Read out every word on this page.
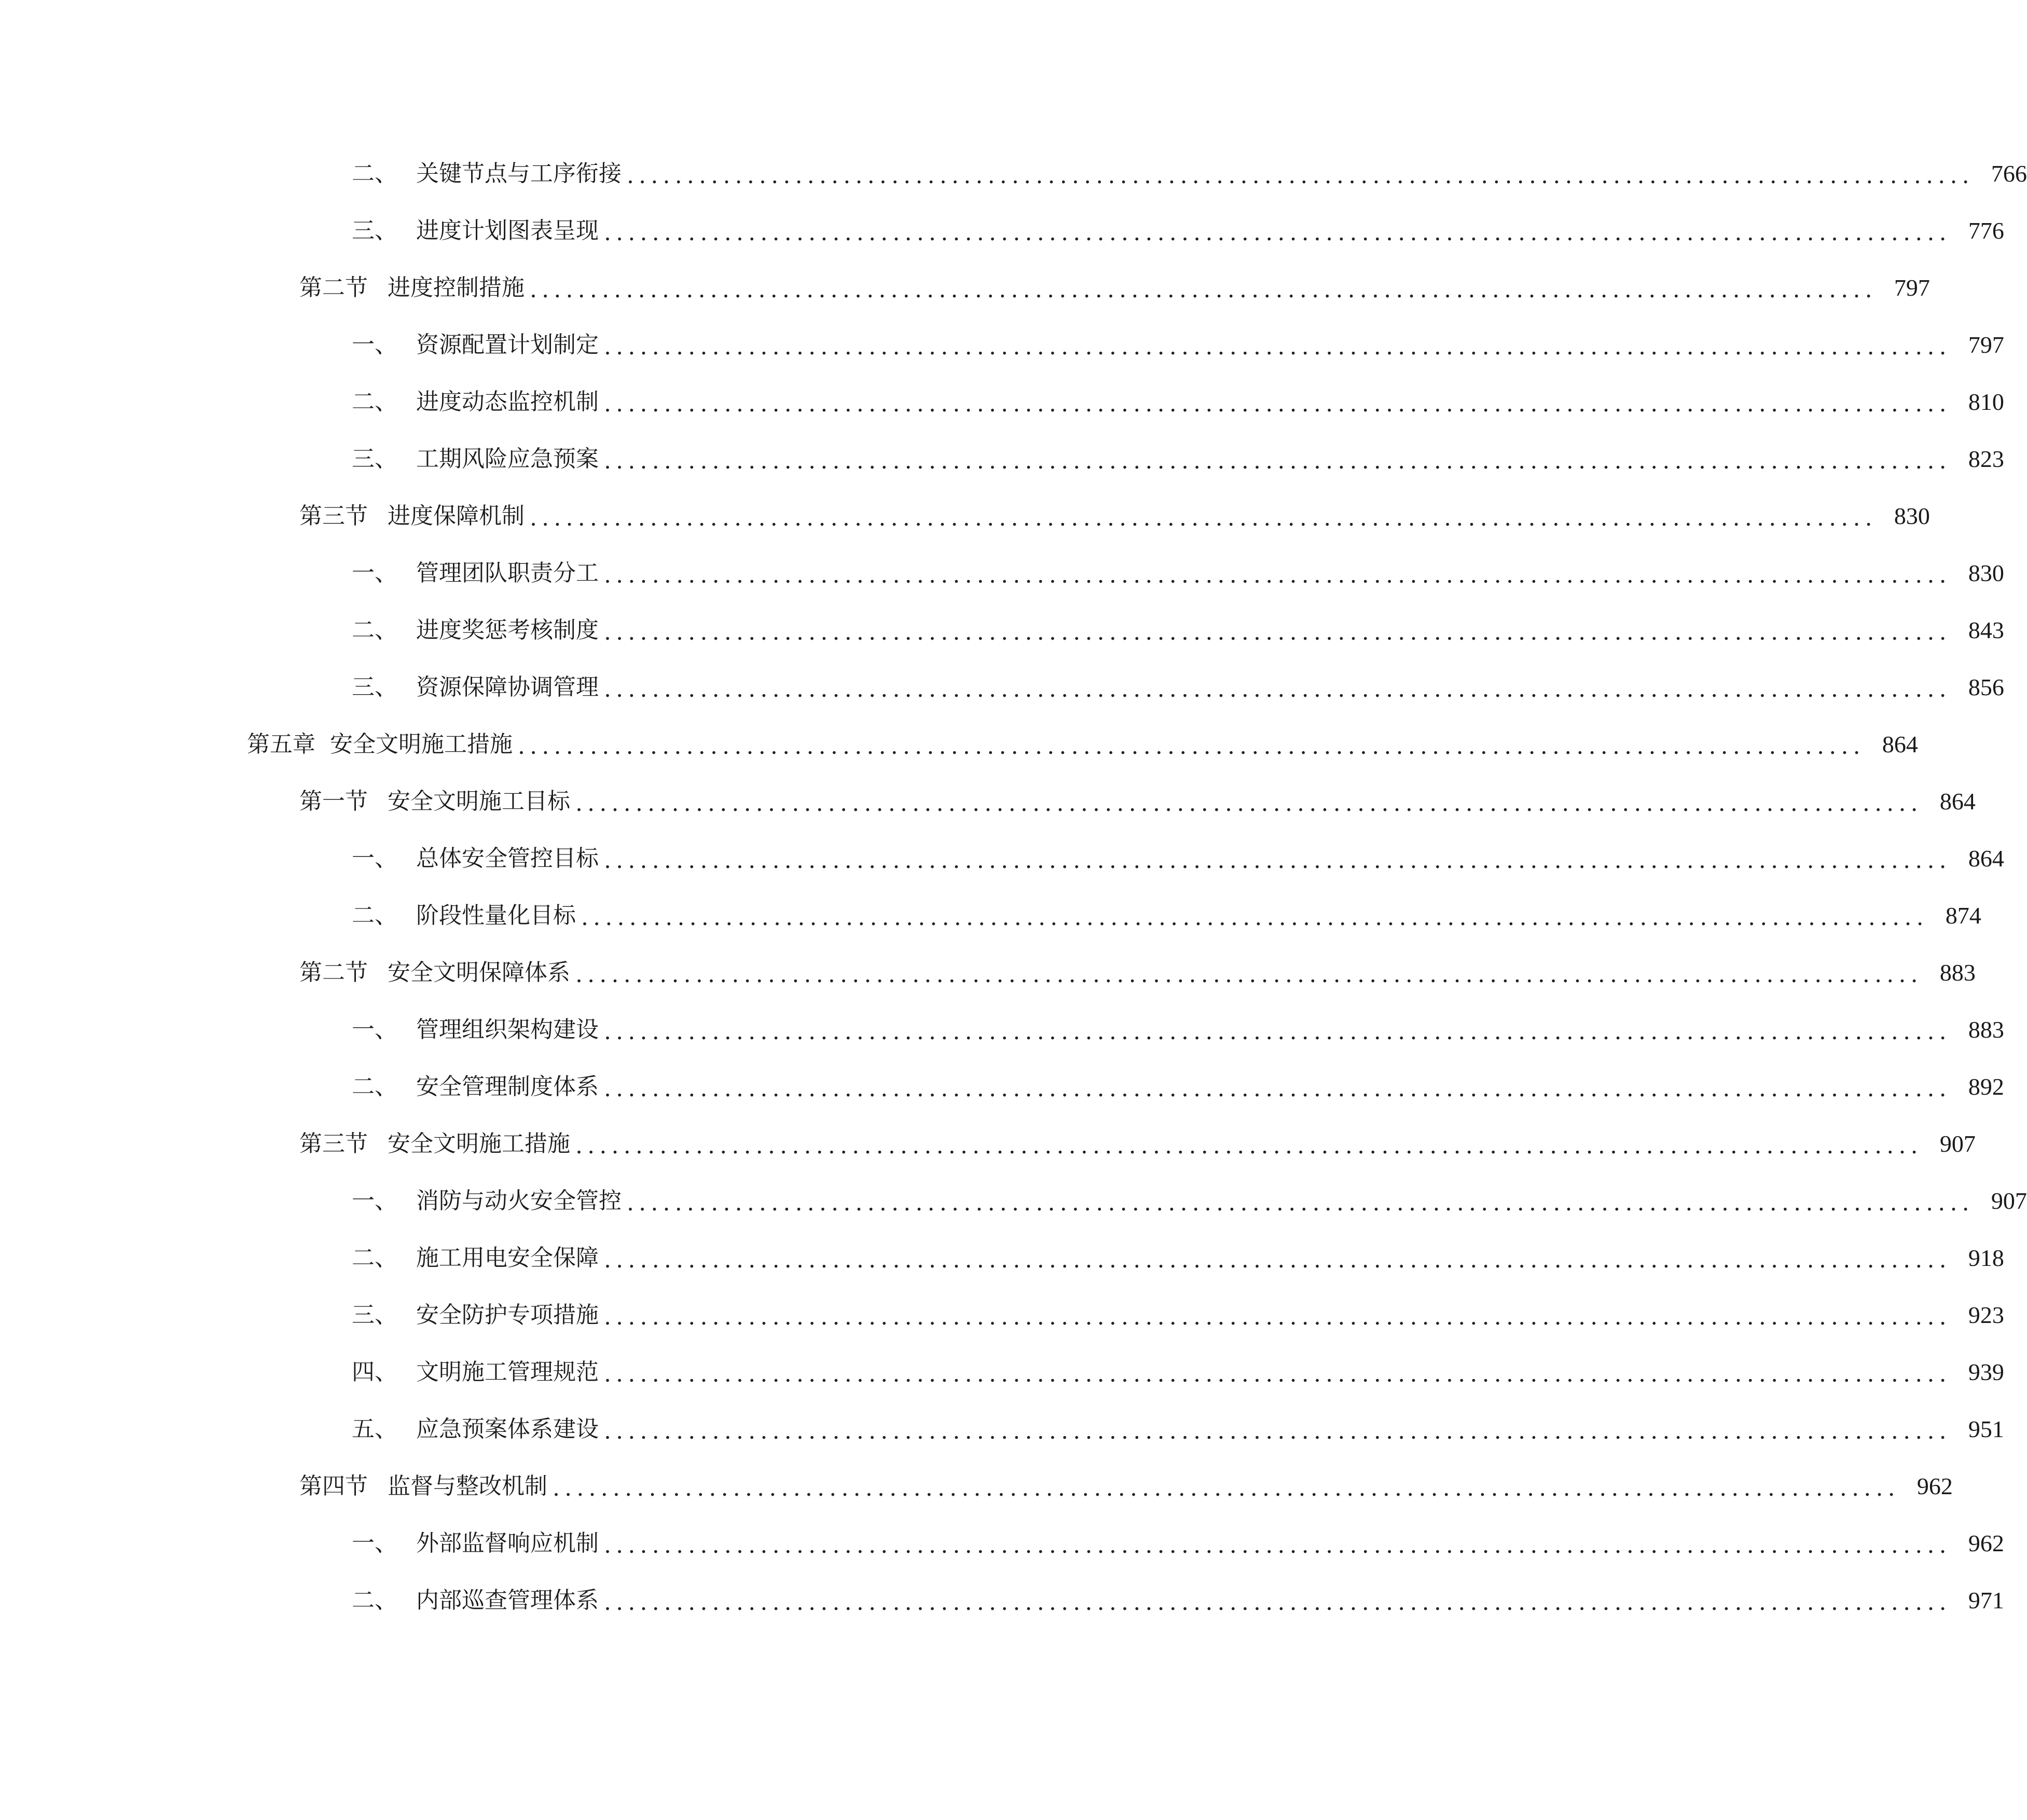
二、 关键节点与工序衔接 ................................................................................................................ 766
三、 进度计划图表呈现 ................................................................................................................ 776
第二节 进度控制措施 ................................................................................................................ 797
一、 资源配置计划制定 ................................................................................................................ 797
二、 进度动态监控机制 ................................................................................................................ 810
三、 工期风险应急预案 ................................................................................................................ 823
第三节 进度保障机制 ................................................................................................................ 830
一、 管理团队职责分工 ................................................................................................................ 830
二、 进度奖惩考核制度 ................................................................................................................ 843
三、 资源保障协调管理 ................................................................................................................ 856
第五章 安全文明施工措施 ................................................................................................................ 864
第一节 安全文明施工目标 ................................................................................................................ 864
一、 总体安全管控目标 ................................................................................................................ 864
二、 阶段性量化目标 ................................................................................................................ 874
第二节 安全文明保障体系 ................................................................................................................ 883
一、 管理组织架构建设 ................................................................................................................ 883
二、 安全管理制度体系 ................................................................................................................ 892
第三节 安全文明施工措施 ................................................................................................................ 907
一、 消防与动火安全管控 ................................................................................................................ 907
二、 施工用电安全保障 ................................................................................................................ 918
三、 安全防护专项措施 ................................................................................................................ 923
四、 文明施工管理规范 ................................................................................................................ 939
五、 应急预案体系建设 ................................................................................................................ 951
第四节 监督与整改机制 ................................................................................................................ 962
一、 外部监督响应机制 ................................................................................................................ 962
二、 内部巡查管理体系 ................................................................................................................ 971
